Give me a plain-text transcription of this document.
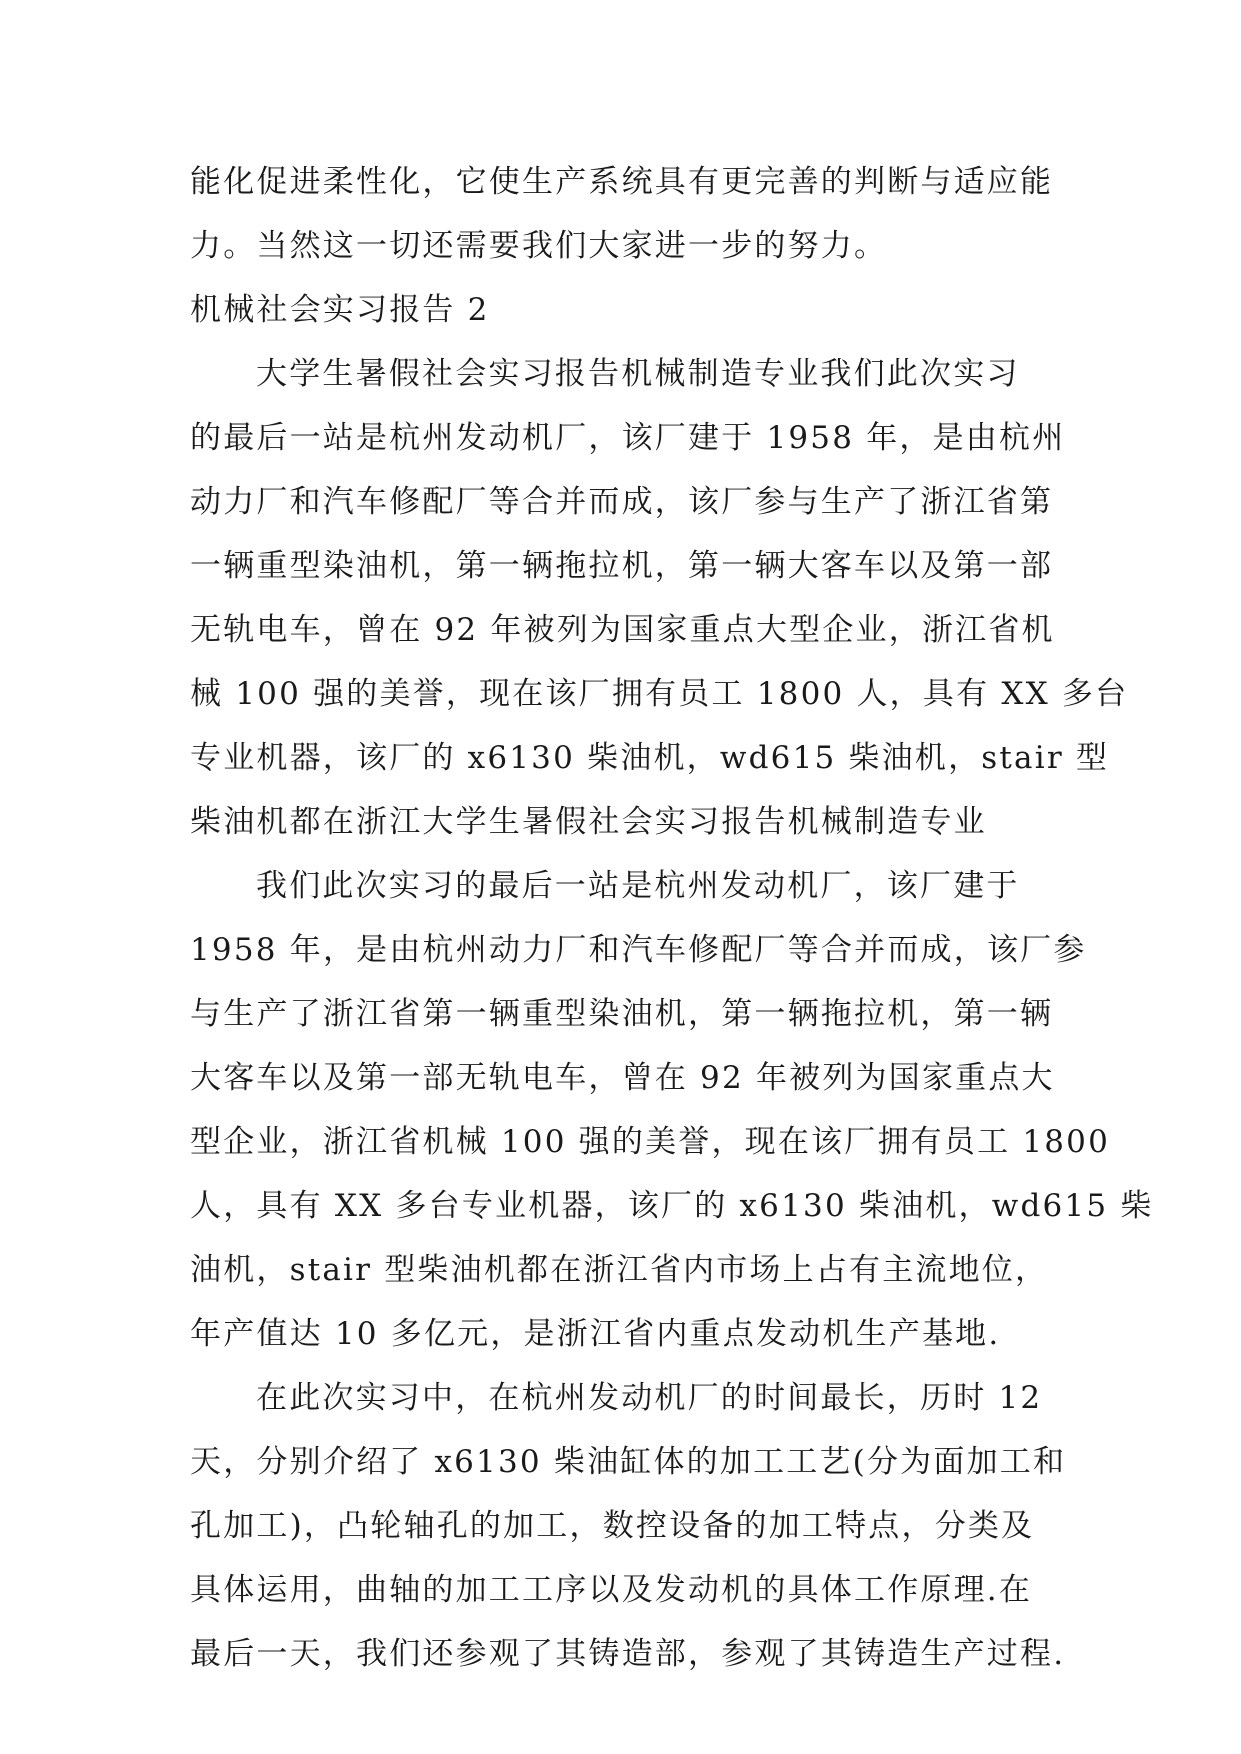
能化促进柔性化，它使生产系统具有更完善的判断与适应能
力。当然这一切还需要我们大家进一步的努力。
机械社会实习报告 2
大学生暑假社会实习报告机械制造专业我们此次实习
的最后一站是杭州发动机厂，该厂建于 1958 年，是由杭州
动力厂和汽车修配厂等合并而成，该厂参与生产了浙江省第
一辆重型染油机，第一辆拖拉机，第一辆大客车以及第一部
无轨电车，曾在 92 年被列为国家重点大型企业，浙江省机
械 100 强的美誉，现在该厂拥有员工 1800 人，具有 XX 多台
专业机器，该厂的 x6130 柴油机，wd615 柴油机，stair 型
柴油机都在浙江大学生暑假社会实习报告机械制造专业
我们此次实习的最后一站是杭州发动机厂，该厂建于
1958 年，是由杭州动力厂和汽车修配厂等合并而成，该厂参
与生产了浙江省第一辆重型染油机，第一辆拖拉机，第一辆
大客车以及第一部无轨电车，曾在 92 年被列为国家重点大
型企业，浙江省机械 100 强的美誉，现在该厂拥有员工 1800
人，具有 XX 多台专业机器，该厂的 x6130 柴油机，wd615 柴
油机，stair 型柴油机都在浙江省内市场上占有主流地位，
年产值达 10 多亿元，是浙江省内重点发动机生产基地.
在此次实习中，在杭州发动机厂的时间最长，历时 12
天，分别介绍了 x6130 柴油缸体的加工工艺(分为面加工和
孔加工)，凸轮轴孔的加工，数控设备的加工特点，分类及
具体运用，曲轴的加工工序以及发动机的具体工作原理.在
最后一天，我们还参观了其铸造部，参观了其铸造生产过程.
